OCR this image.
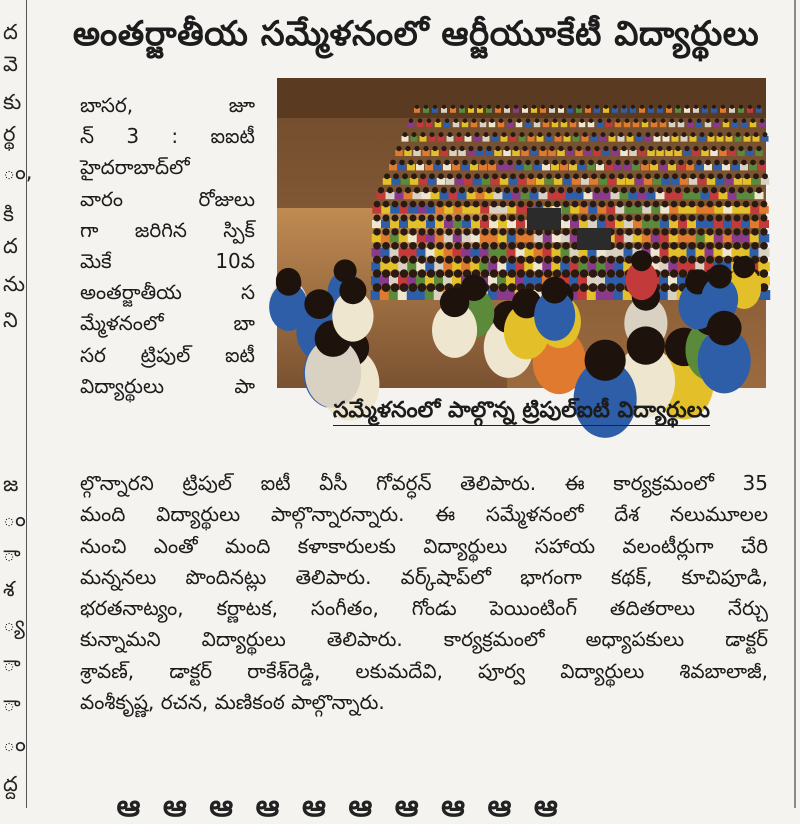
ద
వె
కు
ర్థ
ం,
కి
ద
ను
ని
జ
ం
ా
శ
్య
ా
ా
ం
ద్ద
అంతర్జాతీయ సమ్మేళనంలో ఆర్జీయూకేటీ విద్యార్థులు
బాసర, జూ
న్ 3 : ఐఐటీ
హైదరాబాద్‌లో
వారం రోజులు
గా జరిగిన స్పిక్
మెకే 10వ
అంతర్జాతీయ స
మ్మేళనంలో బా
సర ట్రిపుల్ ఐటీ
విద్యార్థులు పా
సమ్మేళనంలో పాల్గొన్న ట్రిపుల్‌ఐటీ విద్యార్థులు
ల్గొన్నారని ట్రిపుల్ ఐటీ వీసీ గోవర్ధన్ తెలిపారు. ఈ కార్యక్రమంలో 35
మంది విద్యార్థులు పాల్గొన్నారన్నారు. ఈ సమ్మేళనంలో దేశ నలుమూలల
నుంచి ఎంతో మంది కళాకారులకు విద్యార్థులు సహాయ వలంటీర్లుగా చేరి
మన్ననలు పొందినట్లు తెలిపారు. వర్క్‌షాప్‌లో భాగంగా కథక్, కూచిపూడి,
భరతనాట్యం, కర్ణాటక, సంగీతం, గోండు పెయింటింగ్ తదితరాలు నేర్చు
కున్నామని విద్యార్థులు తెలిపారు. కార్యక్రమంలో అధ్యాపకులు డాక్టర్
శ్రావణ్, డాక్టర్ రాకేశ్‌రెడ్డి, లకుమదేవి, పూర్వ విద్యార్థులు శివబాలాజీ,
వంశీకృష్ణ, రచన, మణికంఠ పాల్గొన్నారు.
ఆ ఆ ఆ ఆ ఆ ఆ ఆ ఆ ఆ ఆ
